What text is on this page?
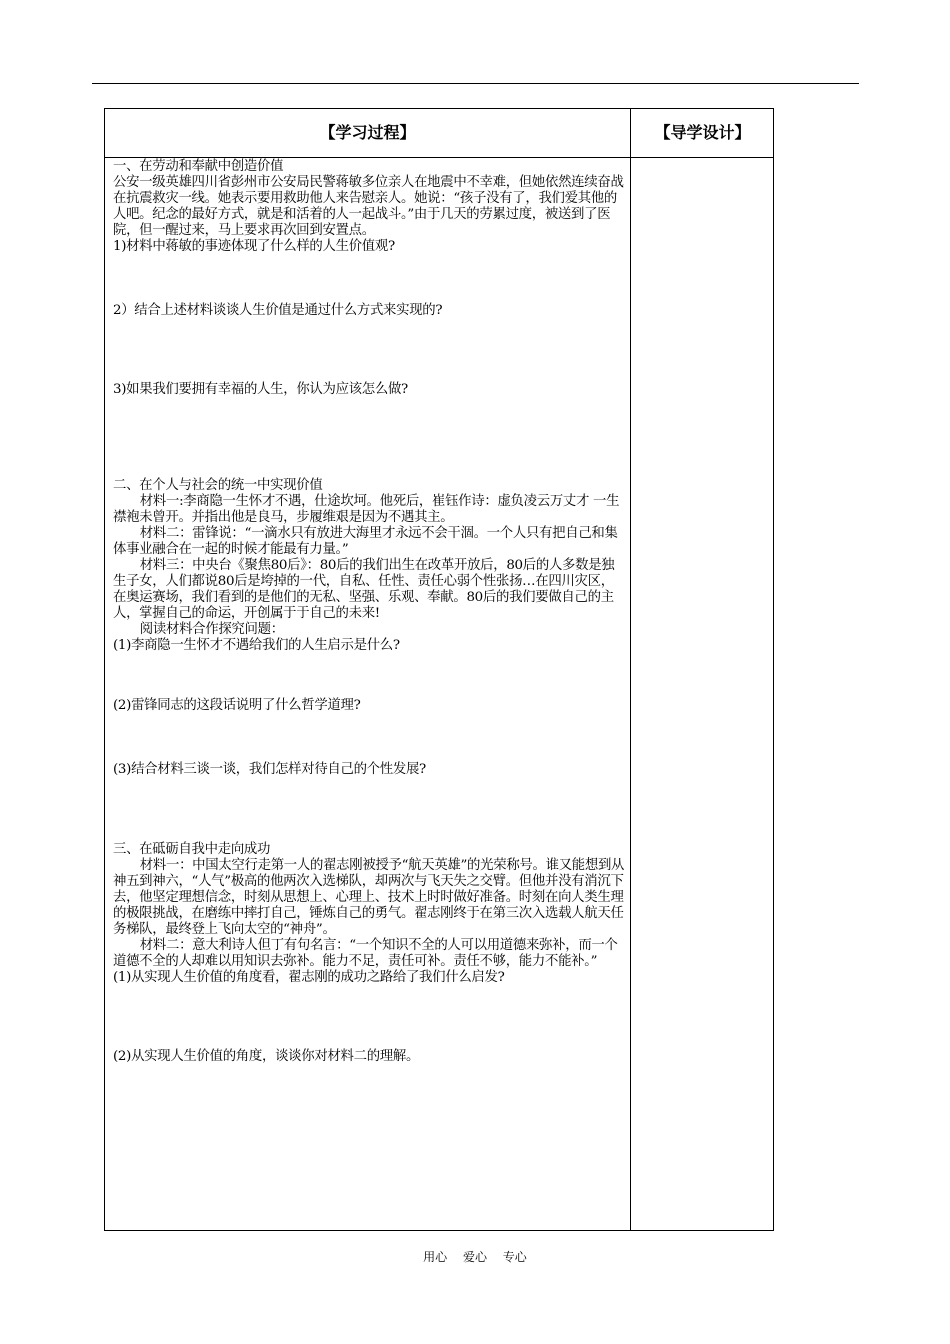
【学习过程】	【导学设计】

一、在劳动和奉献中创造价值

公安一级英雄四川省彭州市公安局民警蒋敏多位亲人在地震中不幸难，但她依然连续奋战在抗震救灾一线。她表示要用救助他人来告慰亲人。她说：“孩子没有了，我们爱其他的人吧。纪念的最好方式，就是和活着的人一起战斗。”由于几天的劳累过度，被送到了医院，但一醒过来，马上要求再次回到安置点。

1)材料中蒋敏的事迹体现了什么样的人生价值观?

2）结合上述材料谈谈人生价值是通过什么方式来实现的?

3)如果我们要拥有幸福的人生，你认为应该怎么做?

二、在个人与社会的统一中实现价值

材料一:李商隐一生怀才不遇，仕途坎坷。他死后，崔钰作诗：虚负凌云万丈才 一生襟袍未曾开。并指出他是良马，步履维艰是因为不遇其主。

材料二：雷锋说：“一滴水只有放进大海里才永远不会干涸。一个人只有把自己和集体事业融合在一起的时候才能最有力量。”

材料三：中央台《聚焦80后》：80后的我们出生在改革开放后，80后的人多数是独生子女，人们都说80后是垮掉的一代，自私、任性、责任心弱个性张扬…在四川灾区，在奥运赛场，我们看到的是他们的无私、坚强、乐观、奉献。80后的我们要做自己的主人，掌握自己的命运，开创属于于自己的未来!

阅读材料合作探究问题：

(1)李商隐一生怀才不遇给我们的人生启示是什么?

(2)雷锋同志的这段话说明了什么哲学道理?

(3)结合材料三谈一谈，我们怎样对待自己的个性发展?

三、在砥砺自我中走向成功

材料一：中国太空行走第一人的翟志刚被授予“航天英雄”的光荣称号。谁又能想到从神五到神六，“人气”极高的他两次入选梯队，却两次与飞天失之交臂。但他并没有消沉下去，他坚定理想信念，时刻从思想上、心理上、技术上时时做好准备。时刻在向人类生理的极限挑战，在磨练中摔打自己，锤炼自己的勇气。翟志刚终于在第三次入选载人航天任务梯队，最终登上飞向太空的“神舟”。

材料二：意大利诗人但丁有句名言：“一个知识不全的人可以用道德来弥补，而一个道德不全的人却难以用知识去弥补。能力不足，责任可补。责任不够，能力不能补。”

(1)从实现人生价值的角度看，翟志刚的成功之路给了我们什么启发?

(2)从实现人生价值的角度，谈谈你对材料二的理解。

用心 爱心 专心
